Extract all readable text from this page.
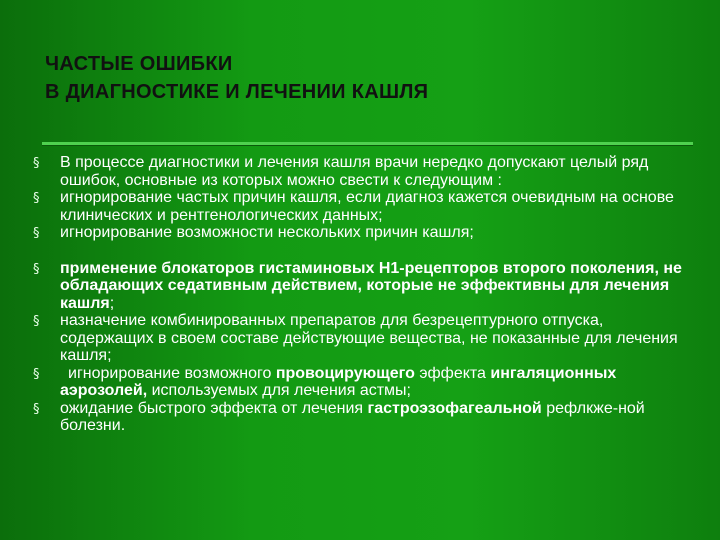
ЧАСТЫЕ ОШИБКИ
В ДИАГНОСТИКЕ И ЛЕЧЕНИИ КАШЛЯ
§ В процессе диагностики и лечения кашля врачи нередко допускают целый ряд ошибок, основные из которых можно свести к следующим :
§ игнорирование частых причин кашля, если диагноз кажется очевидным на основе клинических и рентгенологических данных;
§ игнорирование возможности нескольких причин кашля;
§ применение блокаторов гистаминовых Н1-рецепторов второго поколения, не обладающих седативным действием, которые не эффективны для лечения кашля;
§ назначение комбинированных препаратов для безрецептурного отпуска, содержащих в своем составе действующие вещества, не показанные для лечения кашля;
§ игнорирование возможного провоцирующего эффекта ингаляционных аэрозолей, используемых для лечения астмы;
§ ожидание быстрого эффекта от лечения гастроэзофагеальной рефлкже-ной болезни.
